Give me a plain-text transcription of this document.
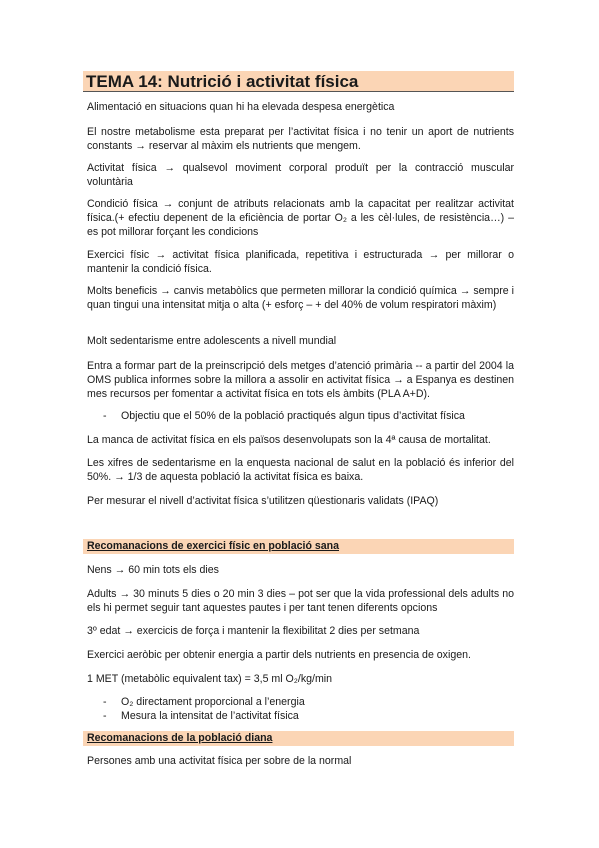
TEMA 14: Nutrició i activitat física
Alimentació en situacions quan hi ha elevada despesa energètica
El nostre metabolisme esta preparat per l’activitat física i no tenir un aport de nutrients constants → reservar al màxim els nutrients que mengem.
Activitat física → qualsevol moviment corporal produït per la contracció muscular voluntària
Condició física → conjunt de atributs relacionats amb la capacitat per realitzar activitat física.(+ efectiu depenent de la eficiència de portar O₂ a les cèl·lules, de resistència…) – es pot millorar forçant les condicions
Exercici físic → activitat física planificada, repetitiva i estructurada → per millorar o mantenir la condició física.
Molts beneficis → canvis metabòlics que permeten millorar la condició química → sempre i quan tingui una intensitat mitja o alta (+ esforç – + del 40% de volum respiratori màxim)
Molt sedentarisme entre adolescents a nivell mundial
Entra a formar part de la preinscripció dels metges d’atenció primària -- a partir del 2004 la OMS publica informes sobre la millora a assolir en activitat física → a Espanya es destinen mes recursos per fomentar a activitat física en tots els àmbits (PLA A+D).
- Objectiu que el 50% de la població practiqués algun tipus d’activitat física
La manca de activitat física en els països desenvolupats son la 4ª causa de mortalitat.
Les xifres de sedentarisme en la enquesta nacional de salut en la població és inferior del 50%. → 1/3 de aquesta població la activitat física es baixa.
Per mesurar el nivell d’activitat física s’utilitzen qüestionaris validats (IPAQ)
Recomanacions de exercici físic en població sana
Nens → 60 min tots els dies
Adults → 30 minuts 5 dies o 20 min 3 dies – pot ser que la vida professional dels adults no els hi permet seguir tant aquestes pautes i per tant tenen diferents opcions
3º edat → exercicis de força i mantenir la flexibilitat 2 dies per setmana
Exercici aeròbic per obtenir energia a partir dels nutrients en presencia de oxigen.
1 MET (metabòlic equivalent tax) = 3,5 ml O₂/kg/min
- O₂ directament proporcional a l’energia
- Mesura la intensitat de l’activitat física
Recomanacions de la població diana
Persones amb una activitat física per sobre de la normal
